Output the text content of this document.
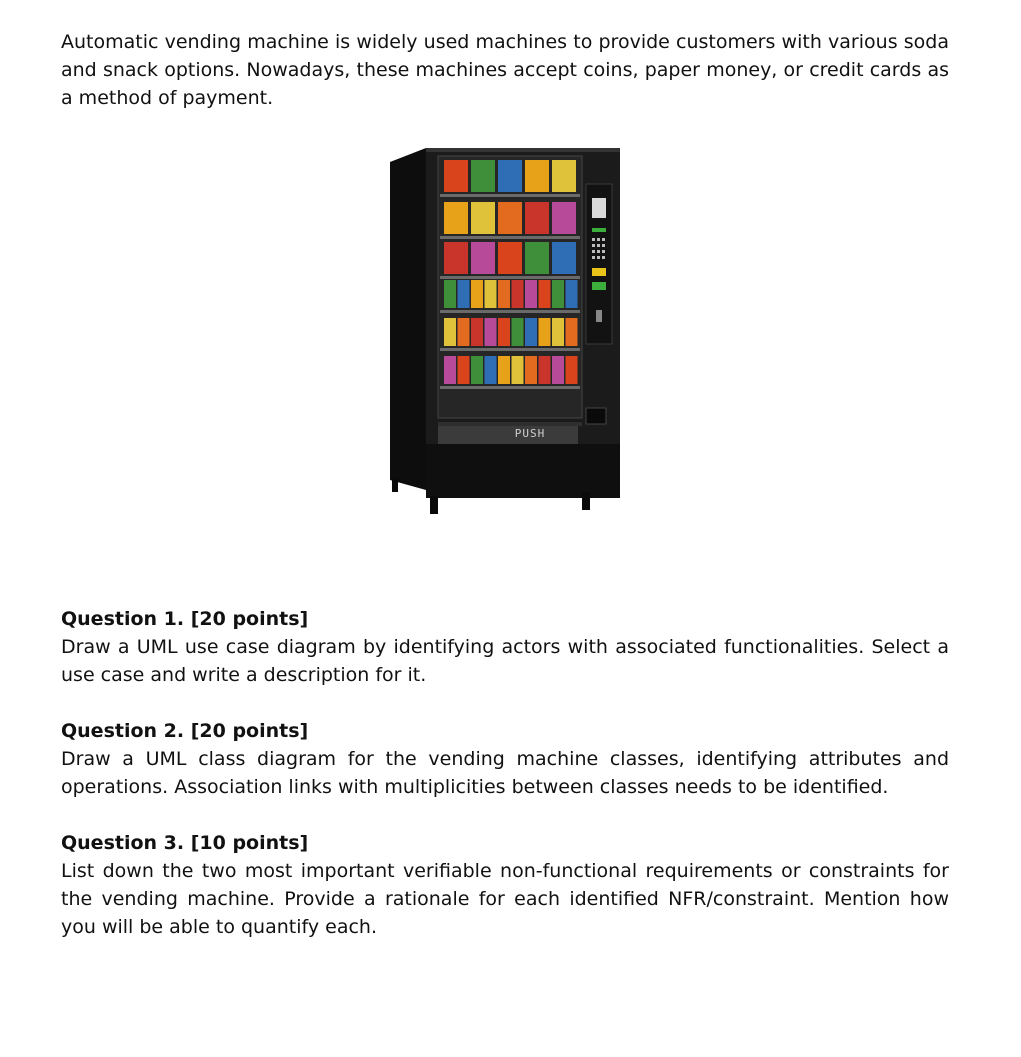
Automatic vending machine is widely used machines to provide customers with various soda and snack options. Nowadays, these machines accept coins, paper money, or credit cards as a method of payment.

PUSH

Question 1. [20 points]

Draw a UML use case diagram by identifying actors with associated functionalities. Select a use case and write a description for it.

Question 2. [20 points]

Draw a UML class diagram for the vending machine classes, identifying attributes and operations. Association links with multiplicities between classes needs to be identified.

Question 3. [10 points]

List down the two most important verifiable non-functional requirements or constraints for the vending machine. Provide a rationale for each identified NFR/constraint. Mention how you will be able to quantify each.
